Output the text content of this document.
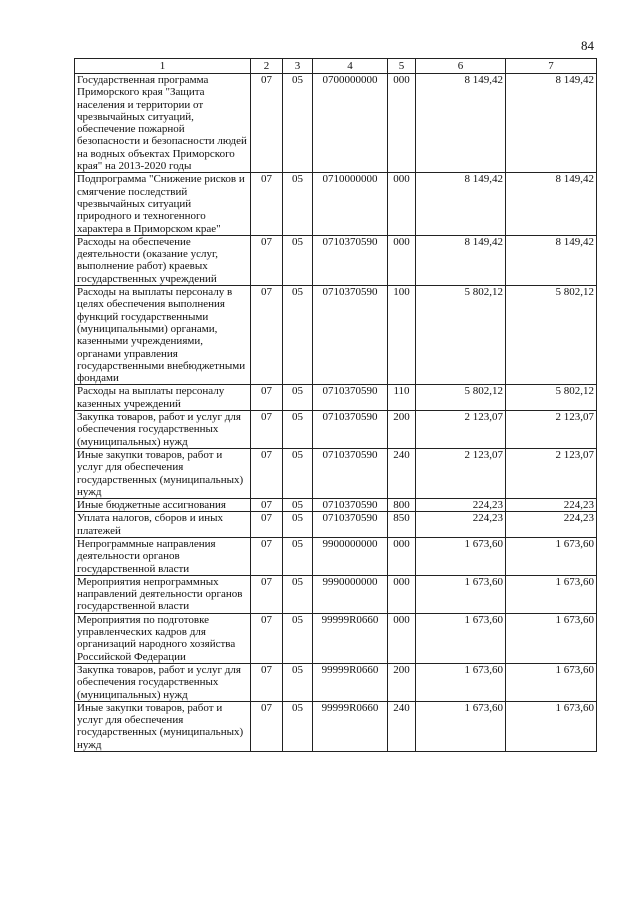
84
1	2	3	4	5	6	7
Государственная программа Приморского края "Защита населения и территории от чрезвычайных ситуаций, обеспечение пожарной безопасности и безопасности людей на водных объектах Приморского края" на 2013-2020 годы	07	05	0700000000	000	8 149,42	8 149,42
Подпрограмма "Снижение рисков и смягчение последствий чрезвычайных ситуаций природного и техногенного характера в Приморском крае"	07	05	0710000000	000	8 149,42	8 149,42
Расходы на обеспечение деятельности (оказание услуг, выполнение работ) краевых государственных учреждений	07	05	0710370590	000	8 149,42	8 149,42
Расходы на выплаты персоналу в целях обеспечения выполнения функций государственными (муниципальными) органами, казенными учреждениями, органами управления государственными внебюджетными фондами	07	05	0710370590	100	5 802,12	5 802,12
Расходы на выплаты персоналу казенных учреждений	07	05	0710370590	110	5 802,12	5 802,12
Закупка товаров, работ и услуг для обеспечения государственных (муниципальных) нужд	07	05	0710370590	200	2 123,07	2 123,07
Иные закупки товаров, работ и услуг для обеспечения государственных (муниципальных) нужд	07	05	0710370590	240	2 123,07	2 123,07
Иные бюджетные ассигнования	07	05	0710370590	800	224,23	224,23
Уплата налогов, сборов и иных платежей	07	05	0710370590	850	224,23	224,23
Непрограммные направления деятельности органов государственной власти	07	05	9900000000	000	1 673,60	1 673,60
Мероприятия непрограммных направлений деятельности органов государственной власти	07	05	9990000000	000	1 673,60	1 673,60
Мероприятия по подготовке управленческих кадров для организаций народного хозяйства Российской Федерации	07	05	99999R0660	000	1 673,60	1 673,60
Закупка товаров, работ и услуг для обеспечения государственных (муниципальных) нужд	07	05	99999R0660	200	1 673,60	1 673,60
Иные закупки товаров, работ и услуг для обеспечения государственных (муниципальных) нужд	07	05	99999R0660	240	1 673,60	1 673,60
